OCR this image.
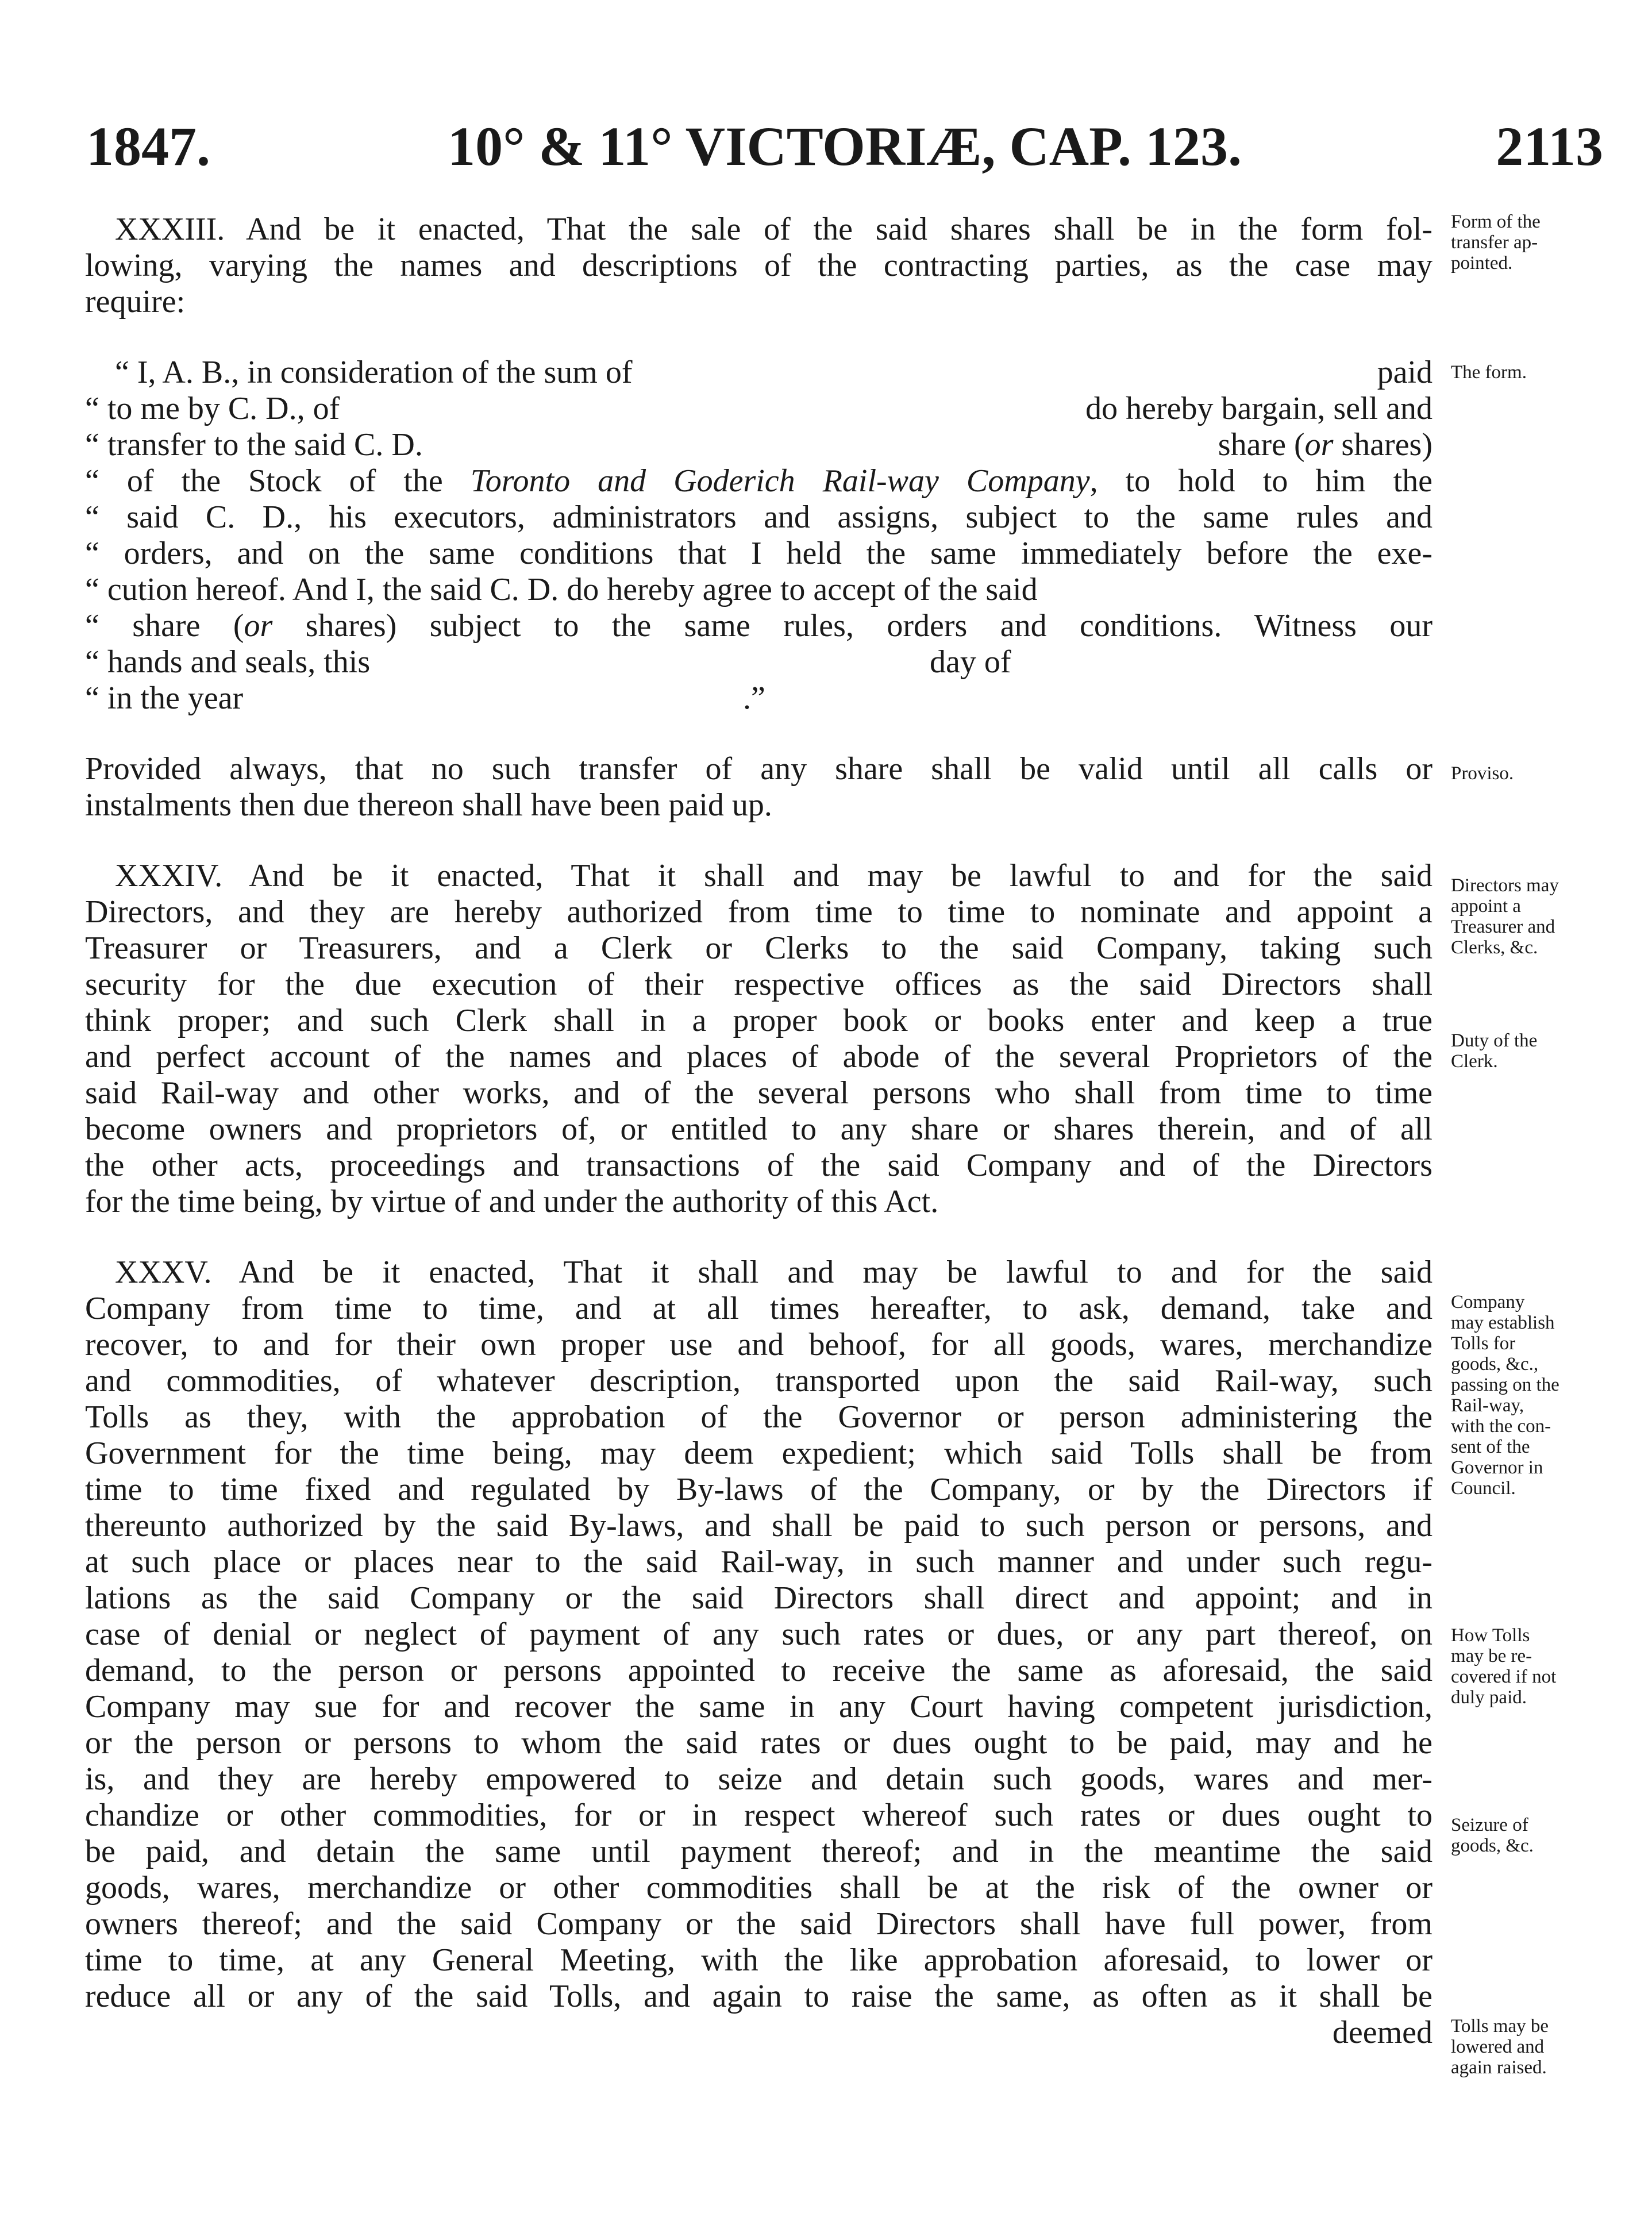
1847.	10° & 11° VICTORIÆ, CAP. 123.	2113
XXXIII. And be it enacted, That the sale of the said shares shall be in the form fol-
lowing, varying the names and descriptions of the contracting parties, as the case may
require:
“ I, A. B., in consideration of the sum of	paid
“ to me by C. D., of	do hereby bargain, sell and
“ transfer to the said C. D.	share (or shares)
“ of the Stock of the Toronto and Goderich Rail-way Company, to hold to him the
“ said C. D., his executors, administrators and assigns, subject to the same rules and
“ orders, and on the same conditions that I held the same immediately before the exe-
“ cution hereof. And I, the said C. D. do hereby agree to accept of the said
“ share (or shares) subject to the same rules, orders and conditions. Witness our
“ hands and seals, this	day of
“ in the year	.”
Provided always, that no such transfer of any share shall be valid until all calls or
instalments then due thereon shall have been paid up.
XXXIV. And be it enacted, That it shall and may be lawful to and for the said
Directors, and they are hereby authorized from time to time to nominate and appoint a
Treasurer or Treasurers, and a Clerk or Clerks to the said Company, taking such
security for the due execution of their respective offices as the said Directors shall
think proper; and such Clerk shall in a proper book or books enter and keep a true
and perfect account of the names and places of abode of the several Proprietors of the
said Rail-way and other works, and of the several persons who shall from time to time
become owners and proprietors of, or entitled to any share or shares therein, and of all
the other acts, proceedings and transactions of the said Company and of the Directors
for the time being, by virtue of and under the authority of this Act.
XXXV. And be it enacted, That it shall and may be lawful to and for the said
Company from time to time, and at all times hereafter, to ask, demand, take and
recover, to and for their own proper use and behoof, for all goods, wares, merchandize
and commodities, of whatever description, transported upon the said Rail-way, such
Tolls as they, with the approbation of the Governor or person administering the
Government for the time being, may deem expedient; which said Tolls shall be from
time to time fixed and regulated by By-laws of the Company, or by the Directors if
thereunto authorized by the said By-laws, and shall be paid to such person or persons, and
at such place or places near to the said Rail-way, in such manner and under such regu-
lations as the said Company or the said Directors shall direct and appoint; and in
case of denial or neglect of payment of any such rates or dues, or any part thereof, on
demand, to the person or persons appointed to receive the same as aforesaid, the said
Company may sue for and recover the same in any Court having competent jurisdiction,
or the person or persons to whom the said rates or dues ought to be paid, may and he
is, and they are hereby empowered to seize and detain such goods, wares and mer-
chandize or other commodities, for or in respect whereof such rates or dues ought to
be paid, and detain the same until payment thereof; and in the meantime the said
goods, wares, merchandize or other commodities shall be at the risk of the owner or
owners thereof; and the said Company or the said Directors shall have full power, from
time to time, at any General Meeting, with the like approbation aforesaid, to lower or
reduce all or any of the said Tolls, and again to raise the same, as often as it shall be
deemed
Form of the
transfer ap-
pointed.
The form.
Proviso.
Directors may
appoint a
Treasurer and
Clerks, &c.
Duty of the
Clerk.
Company
may establish
Tolls for
goods, &c.,
passing on the
Rail-way,
with the con-
sent of the
Governor in
Council.
How Tolls
may be re-
covered if not
duly paid.
Seizure of
goods, &c.
Tolls may be
lowered and
again raised.
